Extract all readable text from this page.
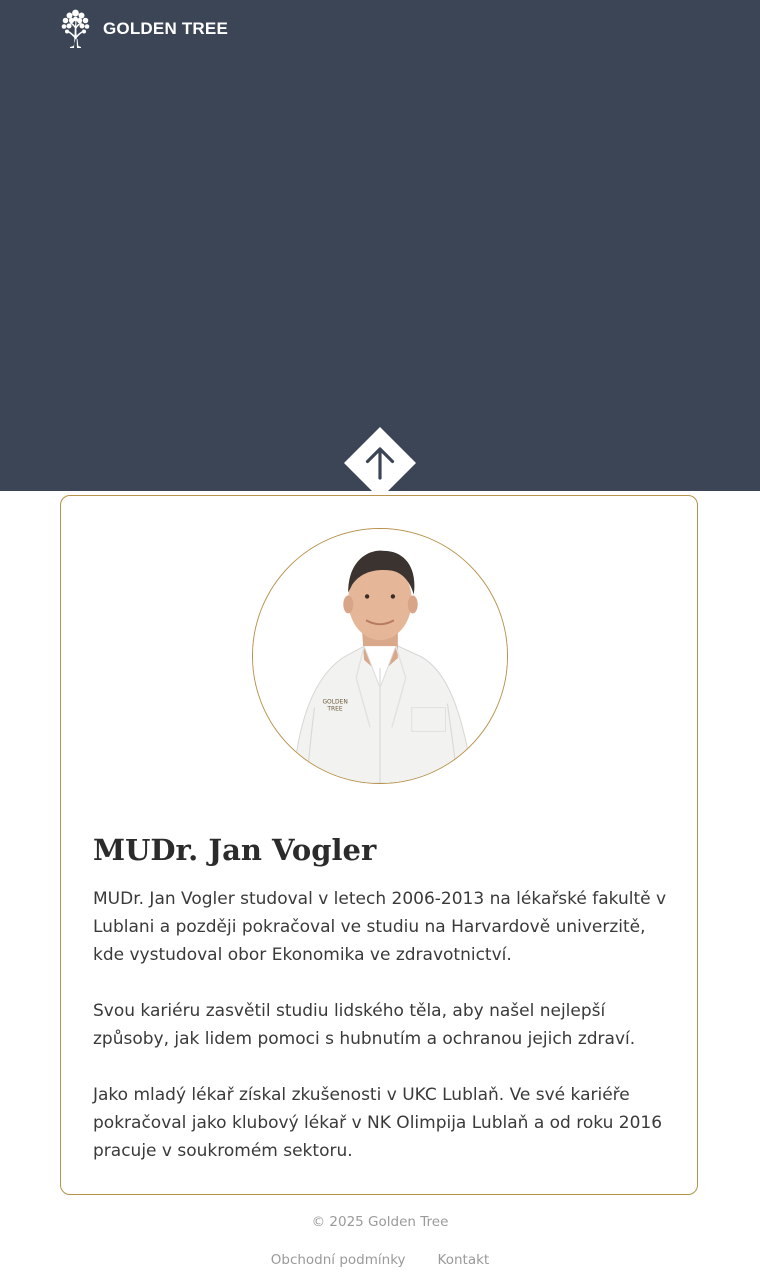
GOLDEN TREE
GOLDEN
TREE
MUDr. Jan Vogler

MUDr. Jan Vogler studoval v letech 2006-2013 na lékařské fakultě v
Lublani a později pokračoval ve studiu na Harvardově univerzitě,
kde vystudoval obor Ekonomika ve zdravotnictví.

Svou kariéru zasvětil studiu lidského těla, aby našel nejlepší
způsoby, jak lidem pomoci s hubnutím a ochranou jejich zdraví.

Jako mladý lékař získal zkušenosti v UKC Lublaň. Ve své kariéře
pokračoval jako klubový lékař v NK Olimpija Lublaň a od roku 2016
pracuje v soukromém sektoru.

© 2025 Golden Tree
Obchodní podmínky Kontakt
